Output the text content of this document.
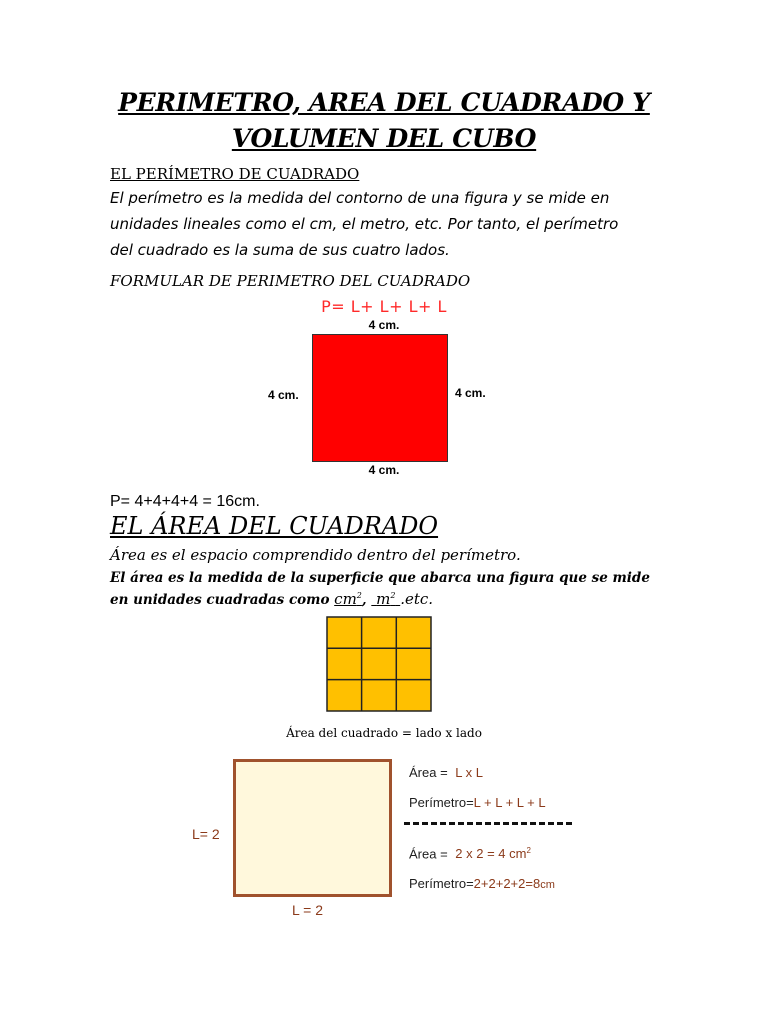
PERIMETRO, AREA DEL CUADRADO Y
VOLUMEN DEL CUBO
EL PERÍMETRO DE CUADRADO
El perímetro es la medida del contorno de una figura y se mide en
unidades lineales como el cm, el metro, etc. Por tanto, el perímetro
del cuadrado es la suma de sus cuatro lados.
FORMULAR DE PERIMETRO DEL CUADRADO
P= L+ L+ L+ L
4 cm.
4 cm.	4 cm.
4 cm.
P= 4+4+4+4 = 16cm.
EL ÁREA DEL CUADRADO
Área es el espacio comprendido dentro del perímetro.
El área es la medida de la superficie que abarca una figura que se mide
en unidades cuadradas como $cm^2$, $m^2$ .etc.
Área del cuadrado = lado x lado
L= 2
L = 2
Área = L x L
Perímetro=L + L + L + L
Área = 2 x 2 = 4 $cm^2$
Perímetro=2+2+2+2=8cm
